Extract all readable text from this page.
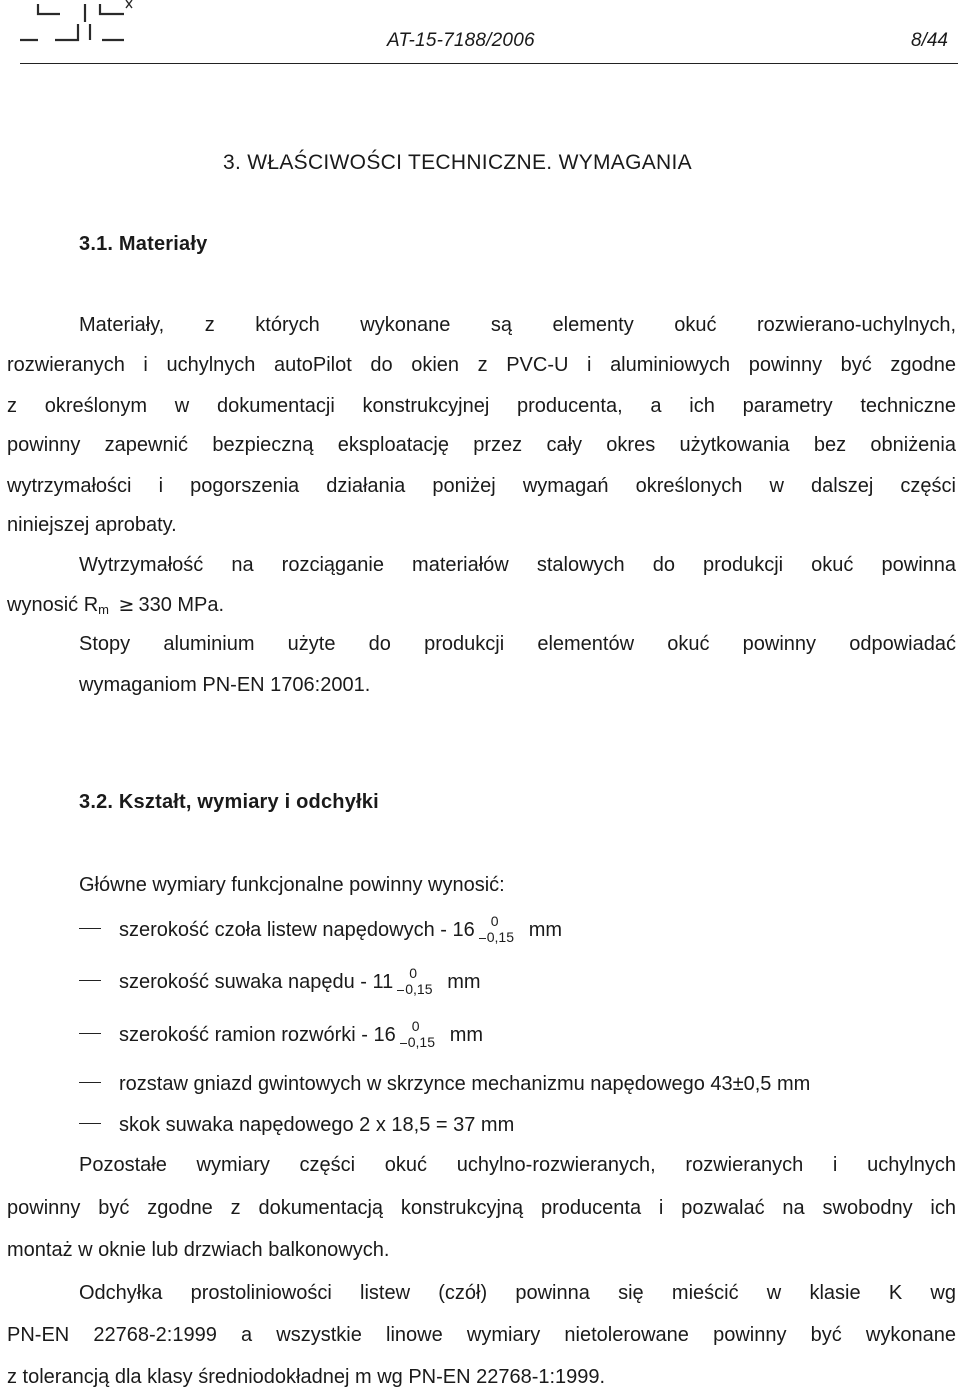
AT-15-7188/2006	8/44
3. WŁAŚCIWOŚCI TECHNICZNE. WYMAGANIA
3.1. Materiały
Materiały, z których wykonane są elementy okuć rozwierano-uchylnych,
rozwieranych i uchylnych autoPilot do okien z PVC-U i aluminiowych powinny być zgodne
z określonym w dokumentacji konstrukcyjnej producenta, a ich parametry techniczne
powinny zapewnić bezpieczną eksploatację przez cały okres użytkowania bez obniżenia
wytrzymałości i pogorszenia działania poniżej wymagań określonych w dalszej części
niniejszej aprobaty.
Wytrzymałość na rozciąganie materiałów stalowych do produkcji okuć powinna
wynosić $R_m \ge 330$ MPa.
Stopy aluminium użyte do produkcji elementów okuć powinny odpowiadać
wymaganiom PN-EN 1706:2001.
3.2. Kształt, wymiary i odchyłki
Główne wymiary funkcjonalne powinny wynosić:
szerokość czoła listew napędowych - 16 0
0,15 mm
szerokość suwaka napędu - 11 0
0,15 mm
szerokość ramion rozwórki - 16 0
0,15 mm
rozstaw gniazd gwintowych w skrzynce mechanizmu napędowego 43±0,5 mm
skok suwaka napędowego 2 x 18,5 = 37 mm
Pozostałe wymiary części okuć uchylno-rozwieranych, rozwieranych i uchylnych
powinny być zgodne z dokumentacją konstrukcyjną producenta i pozwalać na swobodny ich
montaż w oknie lub drzwiach balkonowych.
Odchyłka prostoliniowości listew (czół) powinna się mieścić w klasie K wg
PN-EN 22768-2:1999 a wszystkie linowe wymiary nietolerowane powinny być wykonane
z tolerancją dla klasy średniodokładnej m wg PN-EN 22768-1:1999.
